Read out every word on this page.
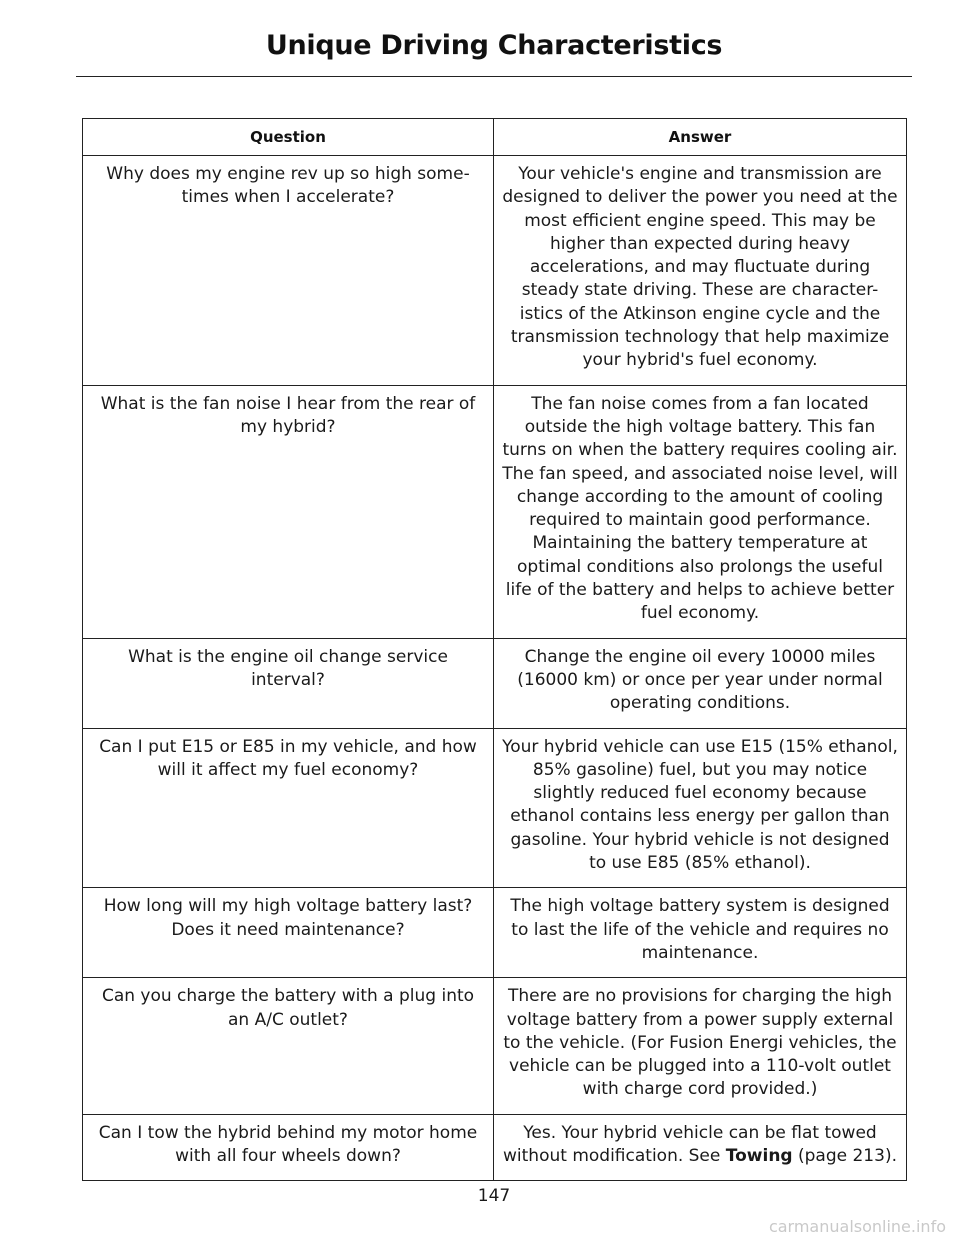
Unique Driving Characteristics
Question	Answer
Why does my engine rev up so high some-times when I accelerate?	Your vehicle's engine and transmission are designed to deliver the power you need at the most efficient engine speed. This may be higher than expected during heavy accelerations, and may fluctuate during steady state driving. These are character-istics of the Atkinson engine cycle and the transmission technology that help maximize your hybrid's fuel economy.
What is the fan noise I hear from the rear of my hybrid?	The fan noise comes from a fan located outside the high voltage battery. This fan turns on when the battery requires cooling air. The fan speed, and associated noise level, will change according to the amount of cooling required to maintain good performance. Maintaining the battery temperature at optimal conditions also prolongs the useful life of the battery and helps to achieve better fuel economy.
What is the engine oil change service interval?	Change the engine oil every 10000 miles (16000 km) or once per year under normal operating conditions.
Can I put E15 or E85 in my vehicle, and how will it affect my fuel economy?	Your hybrid vehicle can use E15 (15% ethanol, 85% gasoline) fuel, but you may notice slightly reduced fuel economy because ethanol contains less energy per gallon than gasoline. Your hybrid vehicle is not designed to use E85 (85% ethanol).
How long will my high voltage battery last? Does it need maintenance?	The high voltage battery system is designed to last the life of the vehicle and requires no maintenance.
Can you charge the battery with a plug into an A/C outlet?	There are no provisions for charging the high voltage battery from a power supply external to the vehicle. (For Fusion Energi vehicles, the vehicle can be plugged into a 110-volt outlet with charge cord provided.)
Can I tow the hybrid behind my motor home with all four wheels down?	Yes. Your hybrid vehicle can be flat towed without modification. See Towing (page 213).
147
carmanualsonline.info
